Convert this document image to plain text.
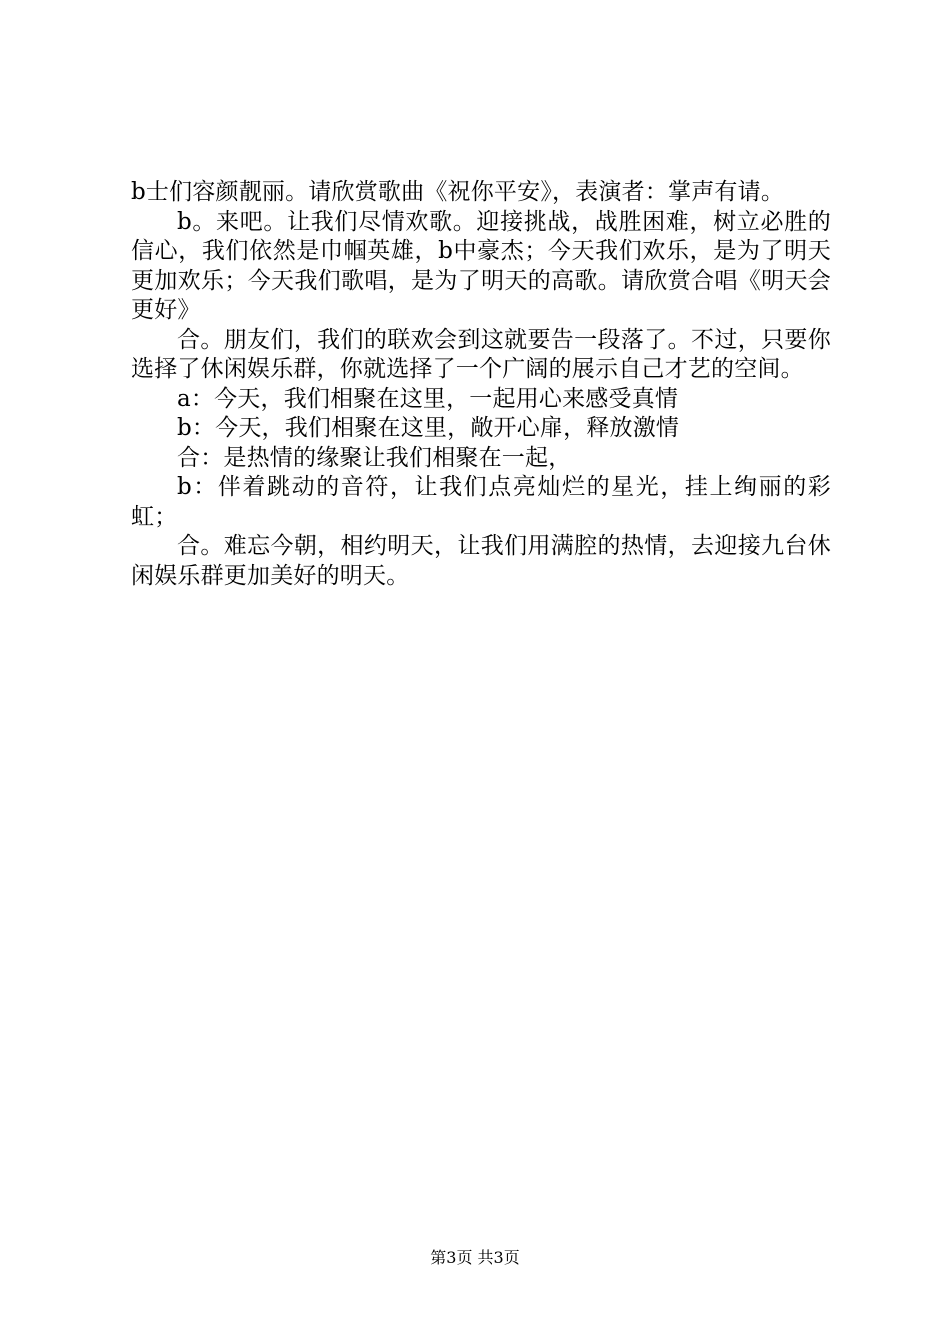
b士们容颜靓丽。请欣赏歌曲《祝你平安》，表演者：掌声有请。

b。来吧。让我们尽情欢歌。迎接挑战，战胜困难，树立必胜的信心，我们依然是巾帼英雄，b中豪杰；今天我们欢乐，是为了明天更加欢乐；今天我们歌唱，是为了明天的高歌。请欣赏合唱《明天会更好》

合。朋友们，我们的联欢会到这就要告一段落了。不过，只要你选择了休闲娱乐群，你就选择了一个广阔的展示自己才艺的空间。

a：今天，我们相聚在这里，一起用心来感受真情

b：今天，我们相聚在这里，敞开心扉，释放激情

合：是热情的缘聚让我们相聚在一起，

b：伴着跳动的音符，让我们点亮灿烂的星光，挂上绚丽的彩虹；

合。难忘今朝，相约明天，让我们用满腔的热情，去迎接九台休闲娱乐群更加美好的明天。

第3页 共3页
